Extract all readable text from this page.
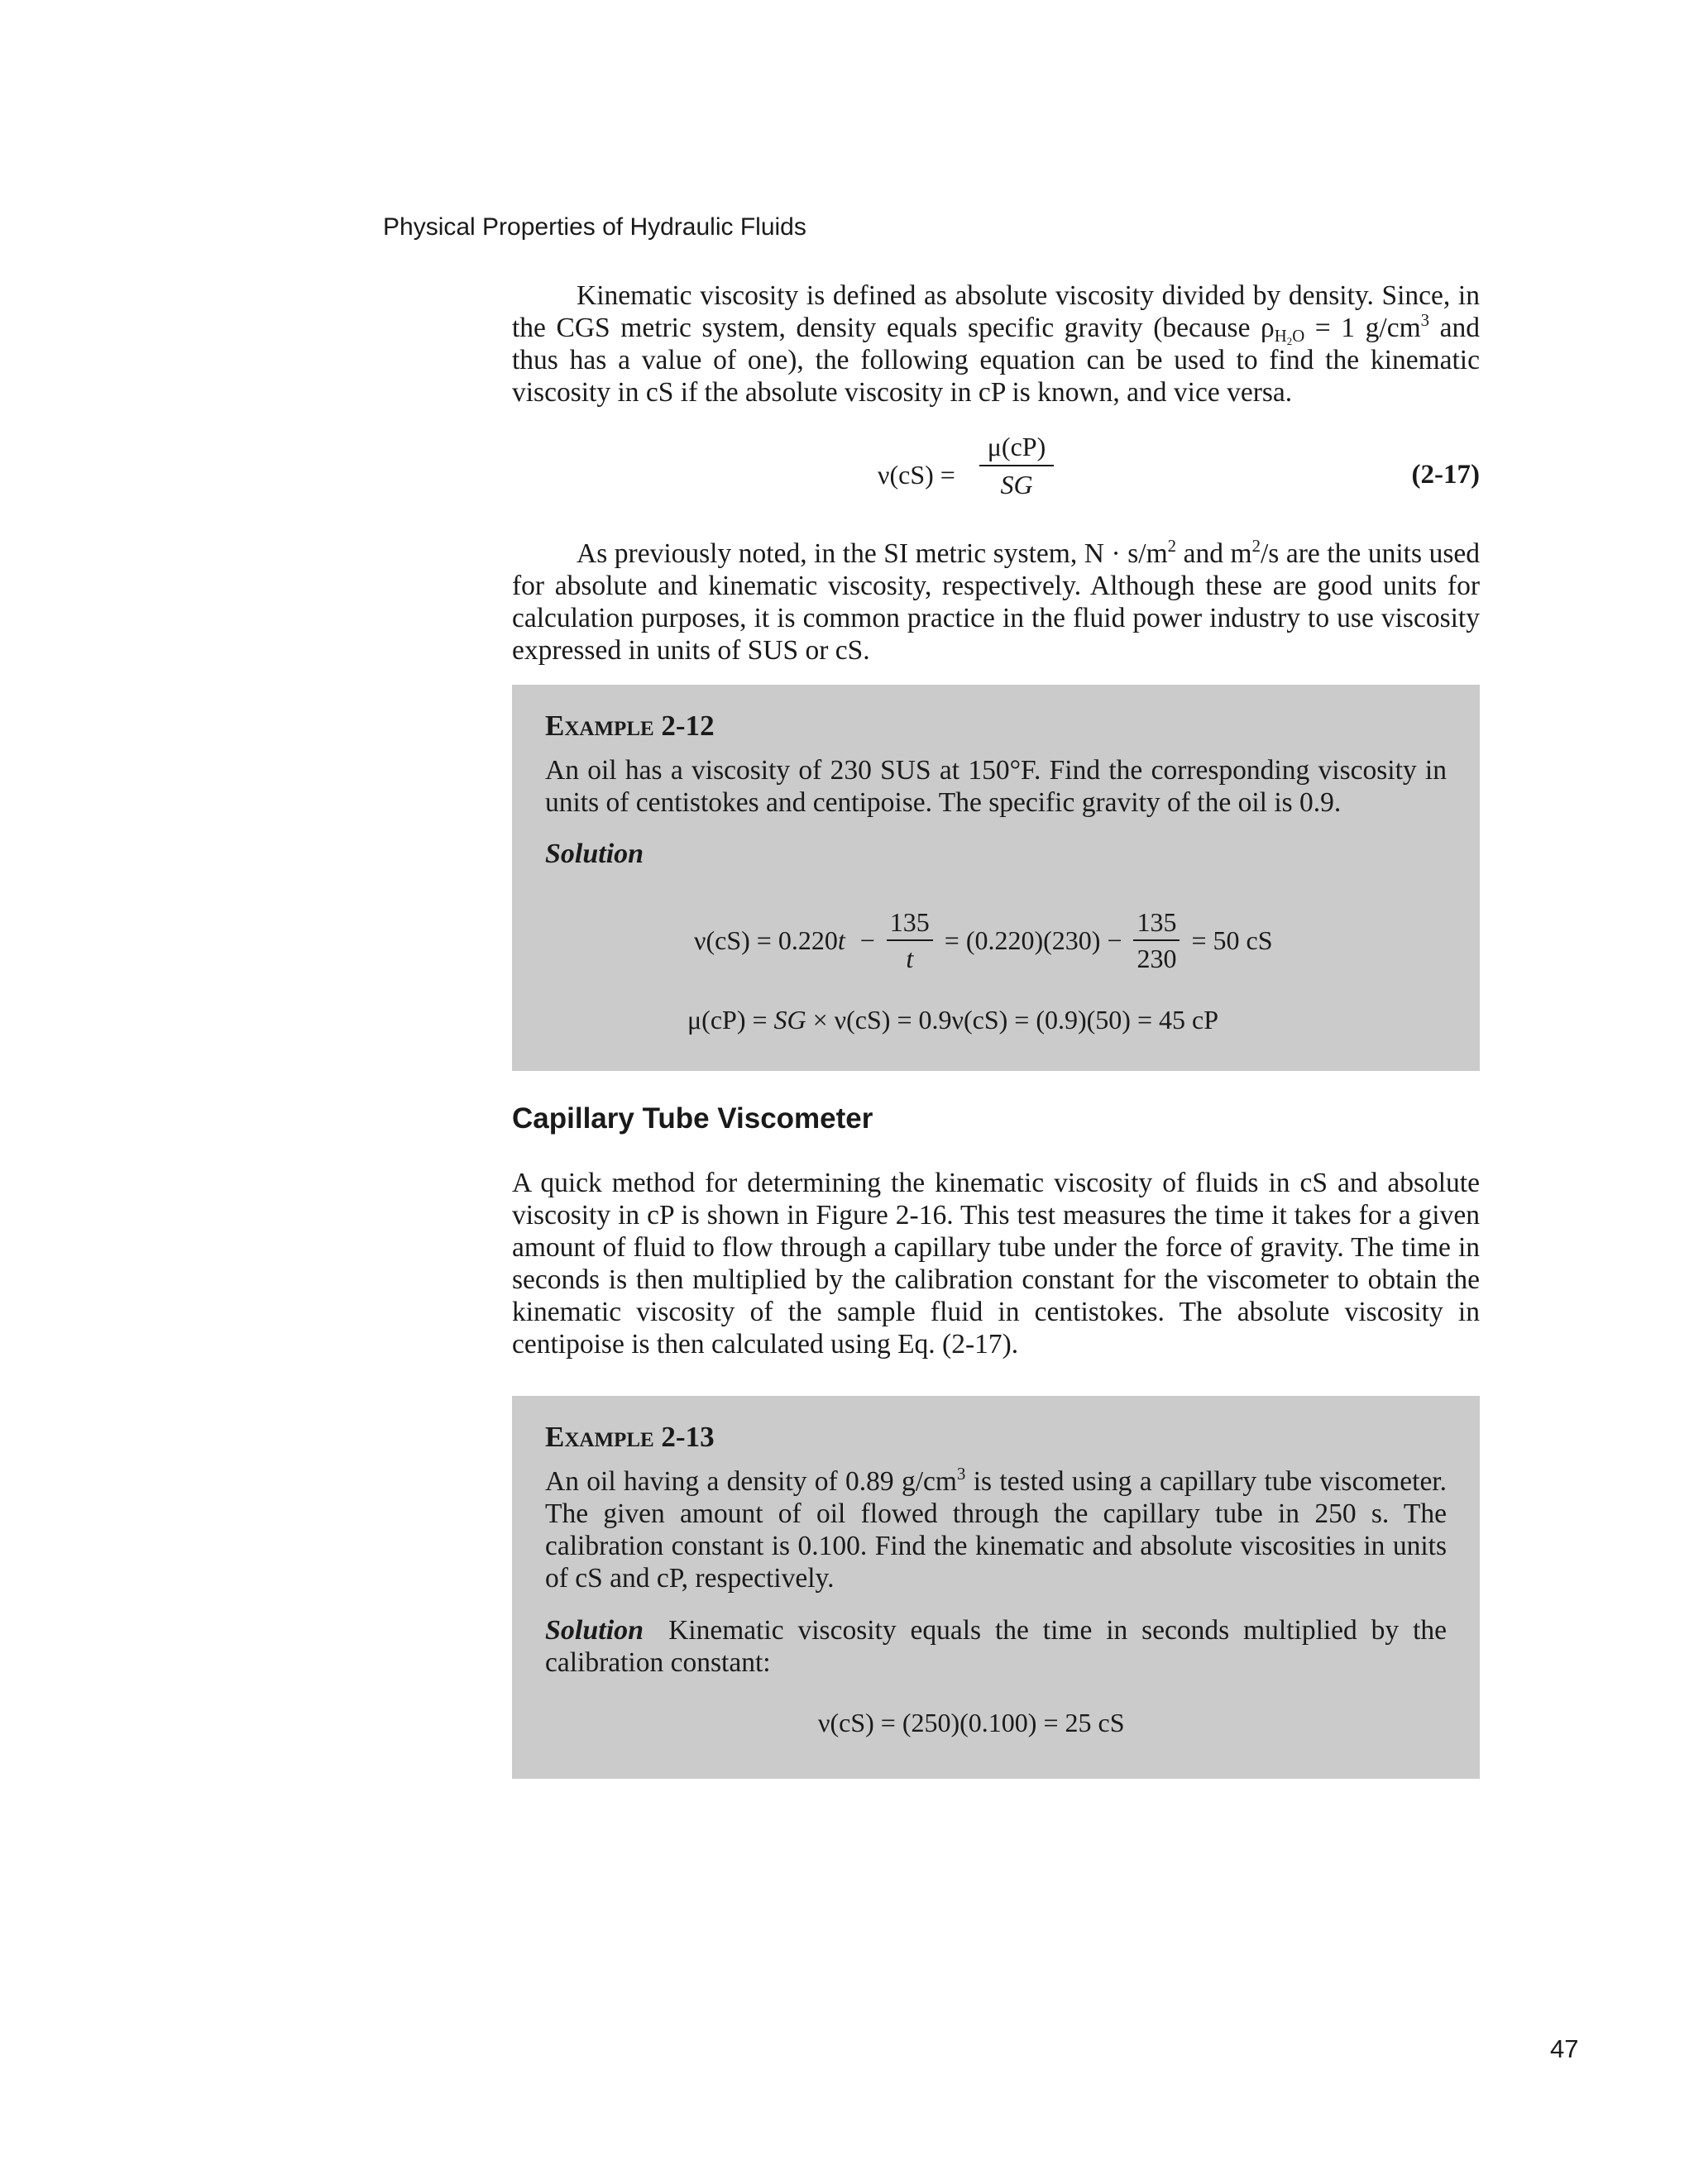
Physical Properties of Hydraulic Fluids

Kinematic viscosity is defined as absolute viscosity divided by density. Since, in the CGS metric system, density equals specific gravity (because $\rho_{H_2O} = 1$ $g/cm^3$ and thus has a value of one), the following equation can be used to find the kinematic viscosity in cS if the absolute viscosity in cP is known, and vice versa.

ν(cS) =
μ(cP)
SG	(2-17)

As previously noted, in the SI metric system, $N \cdot s/m^2$ and $m^2/s$ are the units used for absolute and kinematic viscosity, respectively. Although these are good units for calculation purposes, it is common practice in the fluid power industry to use viscosity expressed in units of SUS or cS.

Example 2-12

An oil has a viscosity of 230 SUS at 150°F. Find the corresponding viscosity in units of centistokes and centipoise. The specific gravity of the oil is 0.9.

Solution
$\nu(cS) = 0.220t - \frac{135}{t} = (0.220)(230) - \frac{135}{230} = 50$ cS
μ(cP) = SG × ν(cS) = 0.9ν(cS) = (0.9)(50) = 45 cP
Capillary Tube Viscometer

A quick method for determining the kinematic viscosity of fluids in cS and absolute viscosity in cP is shown in Figure 2-16. This test measures the time it takes for a given amount of fluid to flow through a capillary tube under the force of gravity. The time in seconds is then multiplied by the calibration constant for the viscometer to obtain the kinematic viscosity of the sample fluid in centistokes. The absolute viscosity in centipoise is then calculated using Eq. (2-17).

Example 2-13

An oil having a density of 0.89 $g/cm^3$ is tested using a capillary tube viscometer. The given amount of oil flowed through the capillary tube in 250 s. The calibration constant is 0.100. Find the kinematic and absolute viscosities in units of cS and cP, respectively.

Solution Kinematic viscosity equals the time in seconds multiplied by the calibration constant:

ν(cS) = (250)(0.100) = 25 cS
47
